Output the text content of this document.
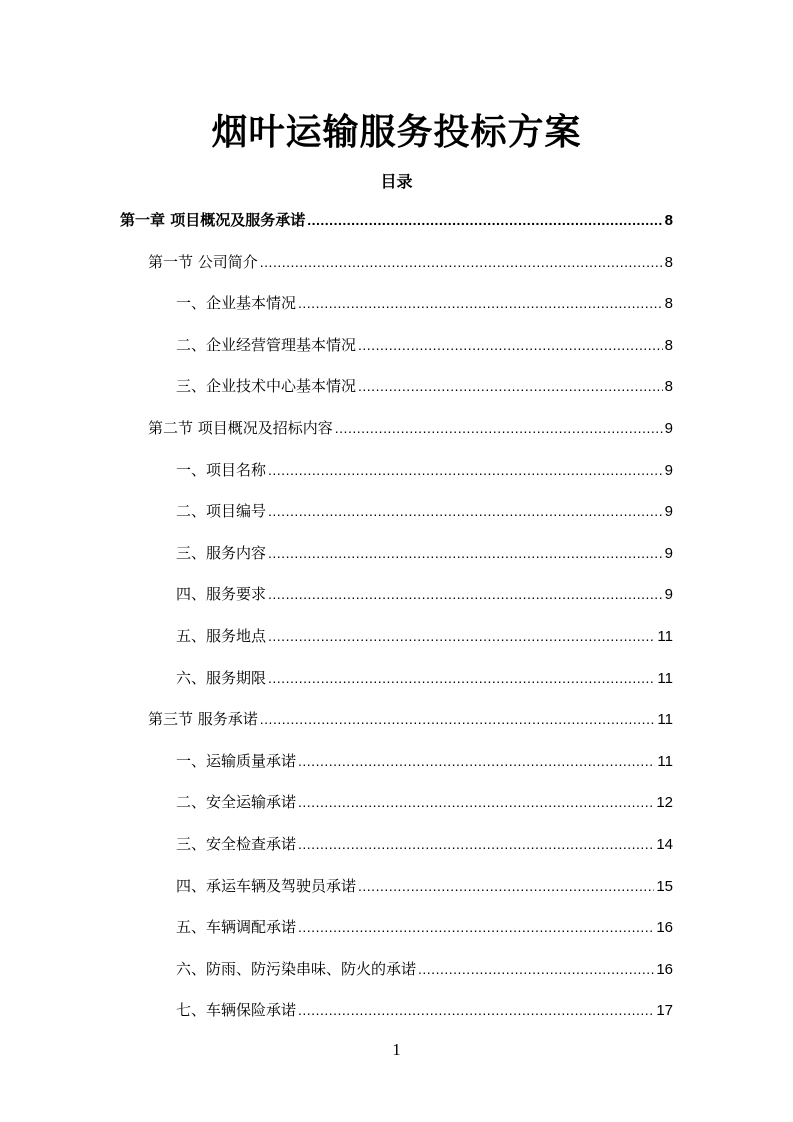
烟叶运输服务投标方案
目录
第一章 项目概况及服务承诺 .....	8
第一节 公司简介 .....	8
一、企业基本情况 .....	8
二、企业经营管理基本情况 .....	8
三、企业技术中心基本情况 .....	8
第二节 项目概况及招标内容 .....	9
一、项目名称 .....	9
二、项目编号 .....	9
三、服务内容 .....	9
四、服务要求 .....	9
五、服务地点 .....	11
六、服务期限 .....	11
第三节 服务承诺 .....	11
一、运输质量承诺 .....	11
二、安全运输承诺 .....	12
三、安全检查承诺 .....	14
四、承运车辆及驾驶员承诺 .....	15
五、车辆调配承诺 .....	16
六、防雨、防污染串味、防火的承诺 .....	16
七、车辆保险承诺 .....	17
1
